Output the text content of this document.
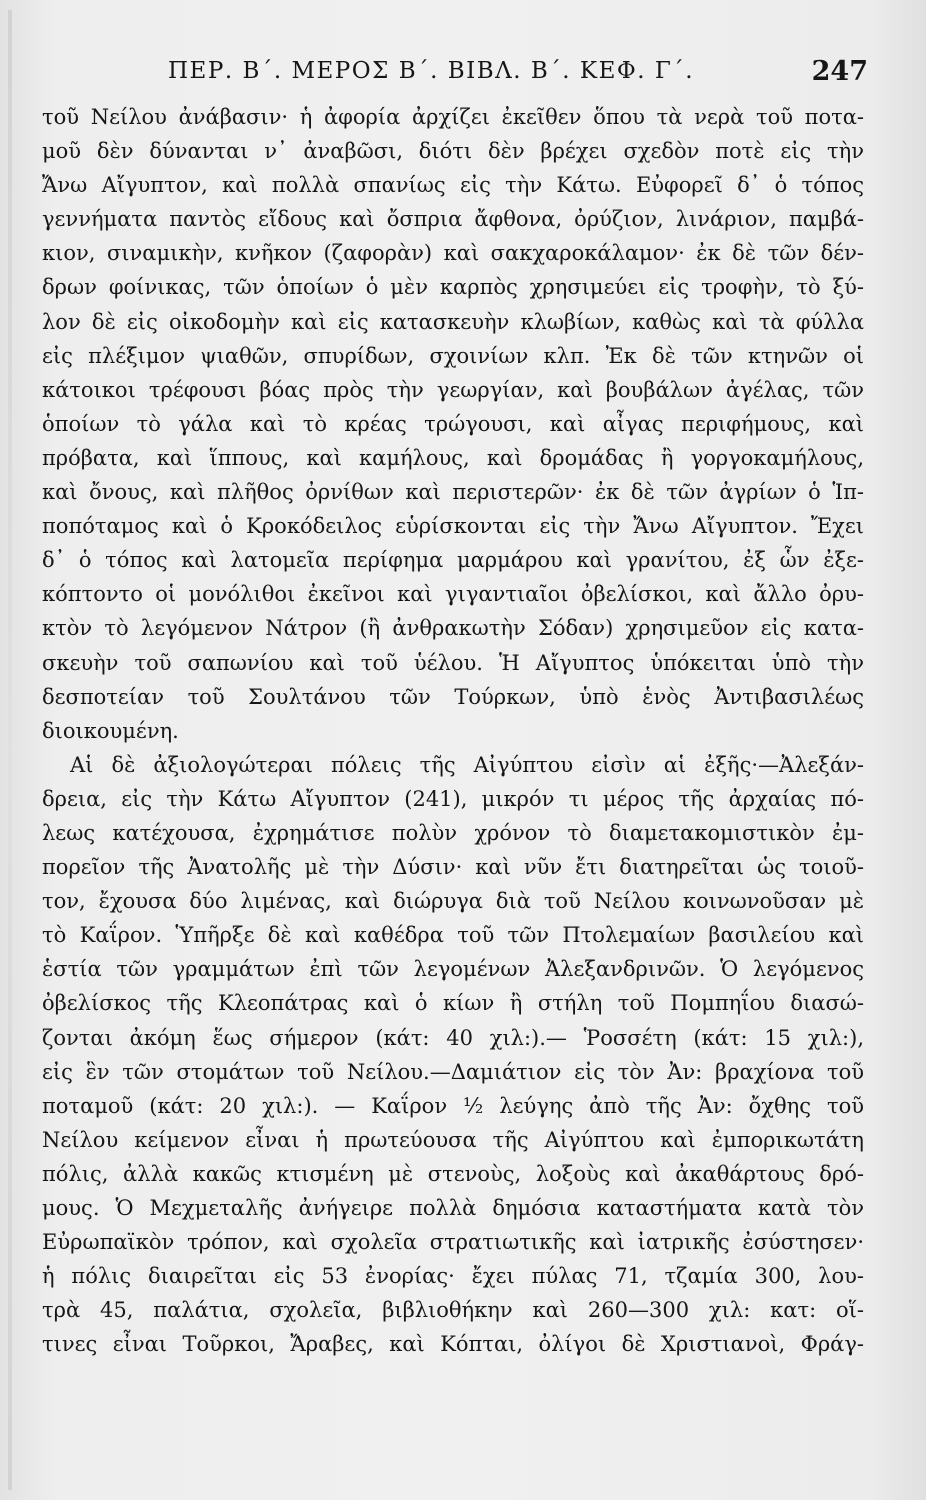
ΠΕΡ. Β΄. ΜΕΡΟΣ Β΄. ΒΙΒΛ. Β΄. ΚΕΦ. Γ΄.	247
τοῦ Νείλου ἀνάβασιν· ἡ ἀφορία ἀρχίζει ἐκεῖθεν ὅπου τὰ νερὰ τοῦ ποτα-
μοῦ δὲν δύνανται ν᾽ ἀναβῶσι, διότι δὲν βρέχει σχεδὸν ποτὲ εἰς τὴν
Ἄνω Αἴγυπτον, καὶ πολλὰ σπανίως εἰς τὴν Κάτω. Εὐφορεῖ δ᾽ ὁ τόπος
γεννήματα παντὸς εἴδους καὶ ὄσπρια ἄφθονα, ὀρύζιον, λινάριον, παμβά-
κιον, σιναμικὴν, κνῆκον (ζαφορὰν) καὶ σακχαροκάλαμον· ἐκ δὲ τῶν δέν-
δρων φοίνικας, τῶν ὁποίων ὁ μὲν καρπὸς χρησιμεύει εἰς τροφὴν, τὸ ξύ-
λον δὲ εἰς οἰκοδομὴν καὶ εἰς κατασκευὴν κλωβίων, καθὼς καὶ τὰ φύλλα
εἰς πλέξιμον ψιαθῶν, σπυρίδων, σχοινίων κλπ. Ἐκ δὲ τῶν κτηνῶν οἱ
κάτοικοι τρέφουσι βόας πρὸς τὴν γεωργίαν, καὶ βουβάλων ἀγέλας, τῶν
ὁποίων τὸ γάλα καὶ τὸ κρέας τρώγουσι, καὶ αἶγας περιφήμους, καὶ
πρόβατα, καὶ ἵππους, καὶ καμήλους, καὶ δρομάδας ἢ γοργοκαμήλους,
καὶ ὄνους, καὶ πλῆθος ὀρνίθων καὶ περιστερῶν· ἐκ δὲ τῶν ἀγρίων ὁ Ἱπ-
ποπόταμος καὶ ὁ Κροκόδειλος εὑρίσκονται εἰς τὴν Ἄνω Αἴγυπτον. Ἔχει
δ᾽ ὁ τόπος καὶ λατομεῖα περίφημα μαρμάρου καὶ γρανίτου, ἐξ ὧν ἐξε-
κόπτοντο οἱ μονόλιθοι ἐκεῖνοι καὶ γιγαντιαῖοι ὀβελίσκοι, καὶ ἄλλο ὀρυ-
κτὸν τὸ λεγόμενον Νάτρον (ἢ ἀνθρακωτὴν Σόδαν) χρησιμεῦον εἰς κατα-
σκευὴν τοῦ σαπωνίου καὶ τοῦ ὑέλου. Ἡ Αἴγυπτος ὑπόκειται ὑπὸ τὴν
δεσποτείαν τοῦ Σουλτάνου τῶν Τούρκων, ὑπὸ ἑνὸς Ἀντιβασιλέως
διοικουμένη.
Αἱ δὲ ἀξιολογώτεραι πόλεις τῆς Αἰγύπτου εἰσὶν αἱ ἐξῆς·—Ἀλεξάν-
δρεια, εἰς τὴν Κάτω Αἴγυπτον (241), μικρόν τι μέρος τῆς ἀρχαίας πό-
λεως κατέχουσα, ἐχρημάτισε πολὺν χρόνον τὸ διαμετακομιστικὸν ἐμ-
πορεῖον τῆς Ἀνατολῆς μὲ τὴν Δύσιν· καὶ νῦν ἔτι διατηρεῖται ὡς τοιοῦ-
τον, ἔχουσα δύο λιμένας, καὶ διώρυγα διὰ τοῦ Νείλου κοινωνοῦσαν μὲ
τὸ Καΐρον. Ὑπῆρξε δὲ καὶ καθέδρα τοῦ τῶν Πτολεμαίων βασιλείου καὶ
ἑστία τῶν γραμμάτων ἐπὶ τῶν λεγομένων Ἀλεξανδρινῶν. Ὁ λεγόμενος
ὀβελίσκος τῆς Κλεοπάτρας καὶ ὁ κίων ἢ στήλη τοῦ Πομπηΐου διασώ-
ζονται ἀκόμη ἕως σήμερον (κάτ: 40 χιλ:).— Ῥοσσέτη (κάτ: 15 χιλ:),
εἰς ἓν τῶν στομάτων τοῦ Νείλου.—Δαμιάτιον εἰς τὸν Ἀν: βραχίονα τοῦ
ποταμοῦ (κάτ: 20 χιλ:). — Καΐρον ½ λεύγης ἀπὸ τῆς Ἀν: ὄχθης τοῦ
Νείλου κείμενον εἶναι ἡ πρωτεύουσα τῆς Αἰγύπτου καὶ ἐμπορικωτάτη
πόλις, ἀλλὰ κακῶς κτισμένη μὲ στενοὺς, λοξοὺς καὶ ἀκαθάρτους δρό-
μους. Ὁ Μεχμεταλῆς ἀνήγειρε πολλὰ δημόσια καταστήματα κατὰ τὸν
Εὐρωπαϊκὸν τρόπον, καὶ σχολεῖα στρατιωτικῆς καὶ ἰατρικῆς ἐσύστησεν·
ἡ πόλις διαιρεῖται εἰς 53 ἐνορίας· ἔχει πύλας 71, τζαμία 300, λου-
τρὰ 45, παλάτια, σχολεῖα, βιβλιοθήκην καὶ 260—300 χιλ: κατ: οἵ-
τινες εἶναι Τοῦρκοι, Ἄραβες, καὶ Κόπται, ὀλίγοι δὲ Χριστιανοὶ, Φράγ-
